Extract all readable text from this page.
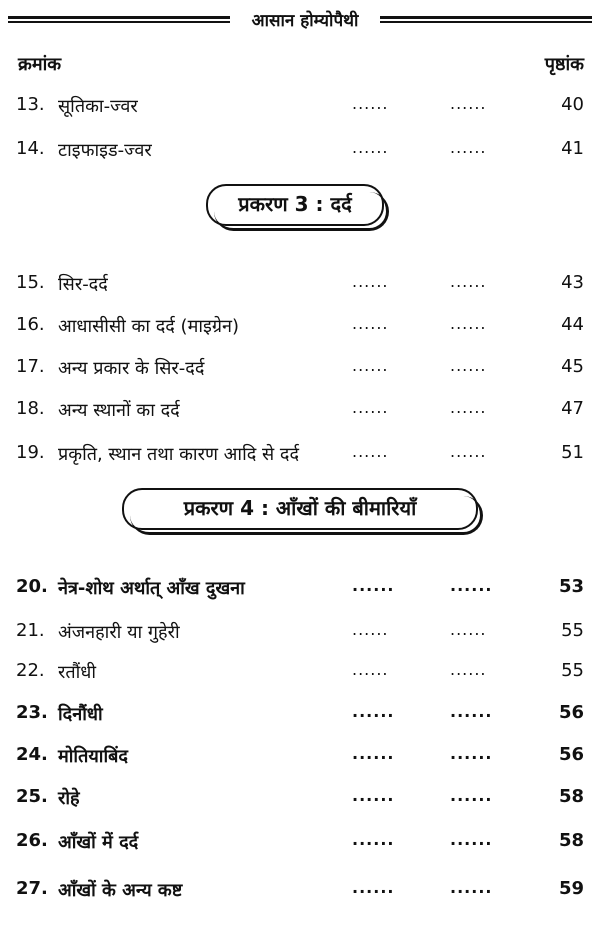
आसान होम्योपैथी
क्रमांक	पृष्ठांक
13. सूतिका-ज्वर	......	......	40
14. टाइफाइड-ज्वर	......	......	41
प्रकरण 3 : दर्द
15. सिर-दर्द	......	......	43
16. आधासीसी का दर्द (माइग्रेन)	......	......	44
17. अन्य प्रकार के सिर-दर्द	......	......	45
18. अन्य स्थानों का दर्द	......	......	47
19. प्रकृति, स्थान तथा कारण आदि से दर्द	......	......	51
प्रकरण 4 : आँखों की बीमारियाँ
20. नेत्र-शोथ अर्थात् आँख दुखना	......	......	53
21. अंजनहारी या गुहेरी	......	......	55
22. रतौंधी	......	......	55
23. दिनौंधी	......	......	56
24. मोतियाबिंद	......	......	56
25. रोहे	......	......	58
26. आँखों में दर्द	......	......	58
27. आँखों के अन्य कष्ट	......	......	59
